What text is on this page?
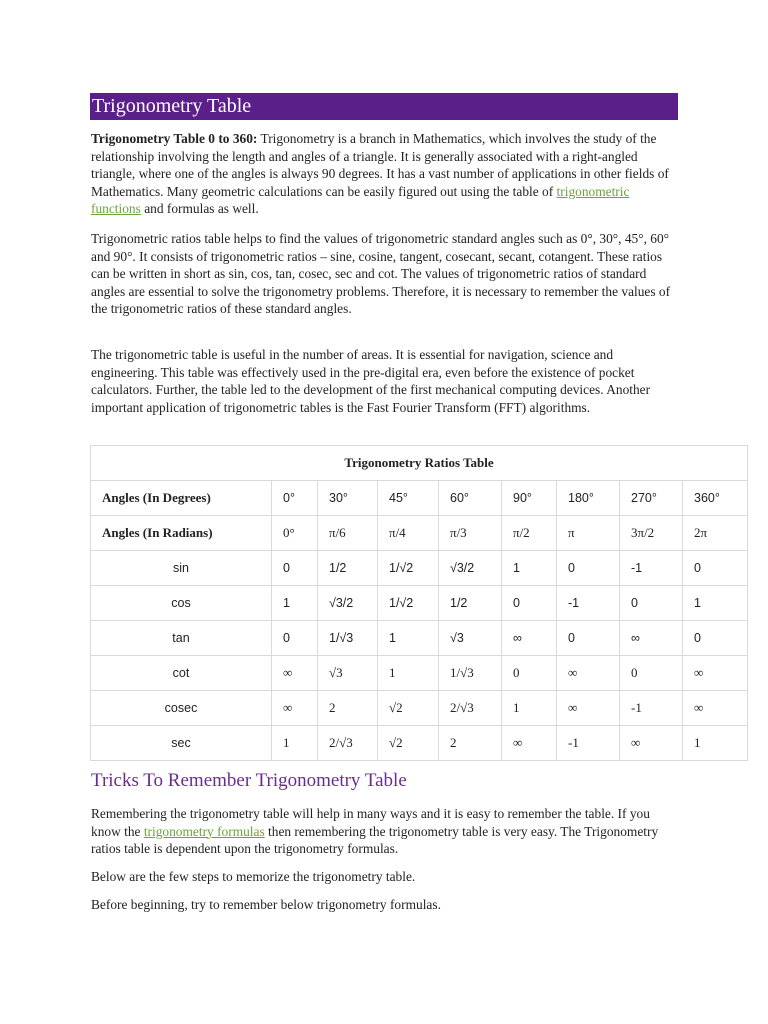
Trigonometry Table

Trigonometry Table 0 to 360: Trigonometry is a branch in Mathematics, which involves the study of the relationship involving the length and angles of a triangle. It is generally associated with a right-angled triangle, where one of the angles is always 90 degrees. It has a vast number of applications in other fields of Mathematics. Many geometric calculations can be easily figured out using the table of trigonometric functions and formulas as well.

Trigonometric ratios table helps to find the values of trigonometric standard angles such as 0°, 30°, 45°, 60° and 90°. It consists of trigonometric ratios – sine, cosine, tangent, cosecant, secant, cotangent. These ratios can be written in short as sin, cos, tan, cosec, sec and cot. The values of trigonometric ratios of standard angles are essential to solve the trigonometry problems. Therefore, it is necessary to remember the values of the trigonometric ratios of these standard angles.

The trigonometric table is useful in the number of areas. It is essential for navigation, science and engineering. This table was effectively used in the pre-digital era, even before the existence of pocket calculators. Further, the table led to the development of the first mechanical computing devices. Another important application of trigonometric tables is the Fast Fourier Transform (FFT) algorithms.

Trigonometry Ratios Table								
Angles (In Degrees)	0°	30°	45°	60°	90°	180°	270°	360°
Angles (In Radians)	0°	π/6	π/4	π/3	π/2	π	3π/2	2π
sin	0	1/2	1/√2	√3/2	1	0	-1	0
cos	1	√3/2	1/√2	1/2	0	-1	0	1
tan	0	1/√3	1	√3	∞	0	∞	0
cot	∞	√3	1	1/√3	0	∞	0	∞
cosec	∞	2	√2	2/√3	1	∞	-1	∞
sec	1	2/√3	√2	2	∞	-1	∞	1
Tricks To Remember Trigonometry Table

Remembering the trigonometry table will help in many ways and it is easy to remember the table. If you know the trigonometry formulas then remembering the trigonometry table is very easy. The Trigonometry ratios table is dependent upon the trigonometry formulas.

Below are the few steps to memorize the trigonometry table.

Before beginning, try to remember below trigonometry formulas.
